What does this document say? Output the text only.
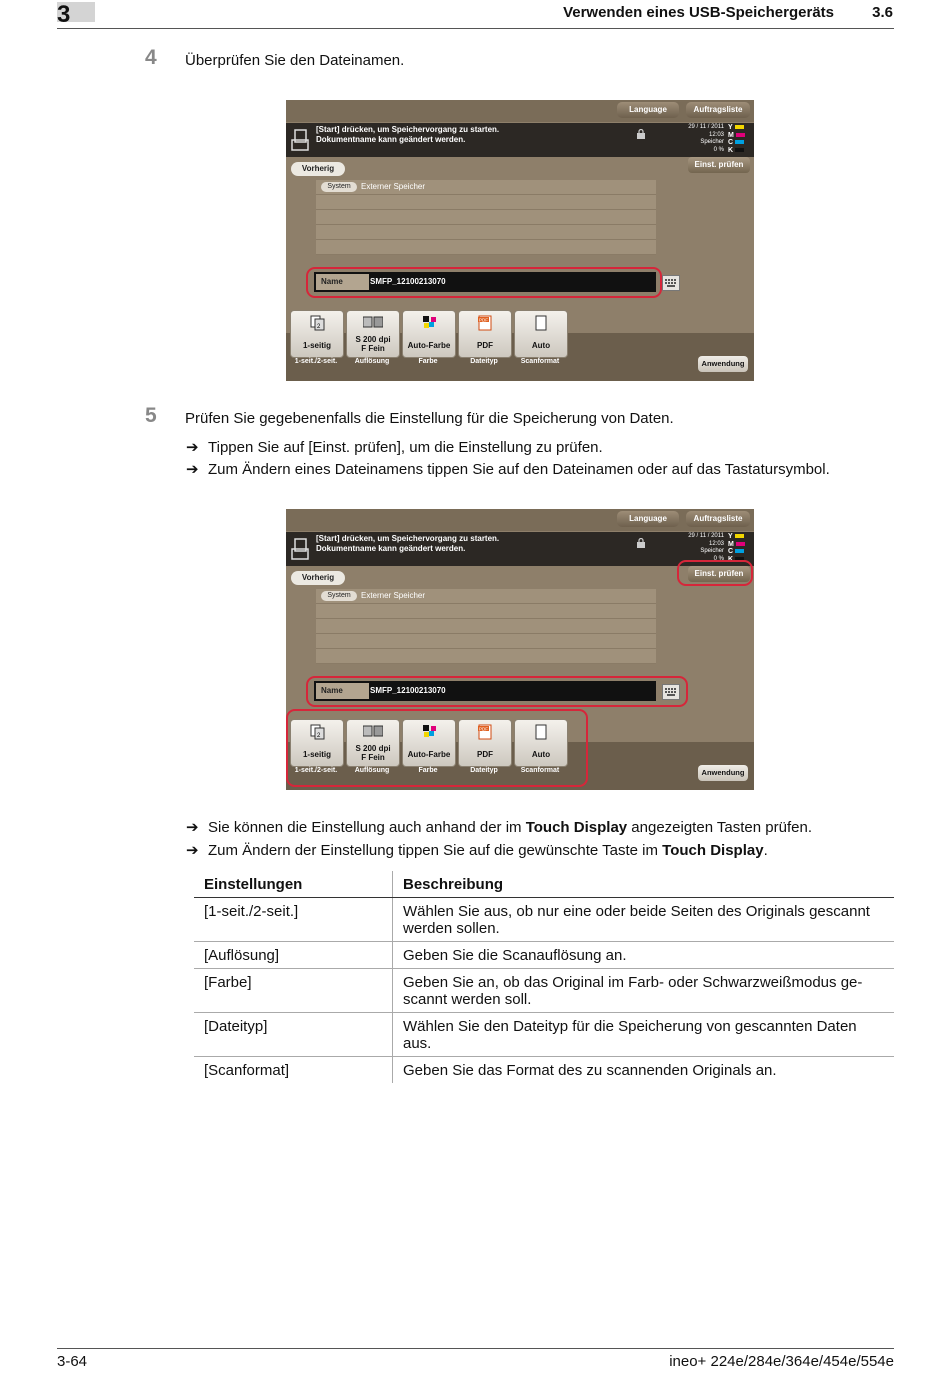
3	Verwenden eines USB-Speichergeräts	3.6
4 Überprüfen Sie den Dateinamen.
Language	Auftragsliste
[Start] drücken, um Speichervorgang zu starten.
Dokumentname kann geändert werden.
29 / 11 / 2011
12:03
Speicher
0 %
Y
M
C
K
Einst. prüfen
Vorherig
System	Externer Speicher
Name	SMFP_12100213070
2
1-seitig
1-seit./2-seit.
S 200 dpi
F Fein
Auflösung
Auto-Farbe
Farbe
PDF
PDF
Dateityp
Auto
Scanformat	Anwendung
5 Prüfen Sie gegebenenfalls die Einstellung für die Speicherung von Daten.
➔ Tippen Sie auf [Einst. prüfen], um die Einstellung zu prüfen.
➔ Zum Ändern eines Dateinamens tippen Sie auf den Dateinamen oder auf das Tastatursymbol.
Language	Auftragsliste
[Start] drücken, um Speichervorgang zu starten.
Dokumentname kann geändert werden.
29 / 11 / 2011
12:03
Speicher
0 %
Y
M
C
K
Einst. prüfen
Vorherig
System	Externer Speicher
Name	SMFP_12100213070
2
1-seitig
1-seit./2-seit.
S 200 dpi
F Fein
Auflösung
Auto-Farbe
Farbe
PDF
PDF
Dateityp
Auto
Scanformat	Anwendung
➔ Sie können die Einstellung auch anhand der im Touch Display angezeigten Tasten prüfen.
➔ Zum Ändern der Einstellung tippen Sie auf die gewünschte Taste im Touch Display.
Einstellungen	Beschreibung
[1-seit./2-seit.]	Wählen Sie aus, ob nur eine oder beide Seiten des Originals gescannt werden sollen.
[Auflösung]	Geben Sie die Scanauflösung an.
[Farbe]	Geben Sie an, ob das Original im Farb- oder Schwarzweißmodus ge-scannt werden soll.
[Dateityp]	Wählen Sie den Dateityp für die Speicherung von gescannten Daten aus.
[Scanformat]	Geben Sie das Format des zu scannenden Originals an.
3-64	ineo+ 224e/284e/364e/454e/554e
